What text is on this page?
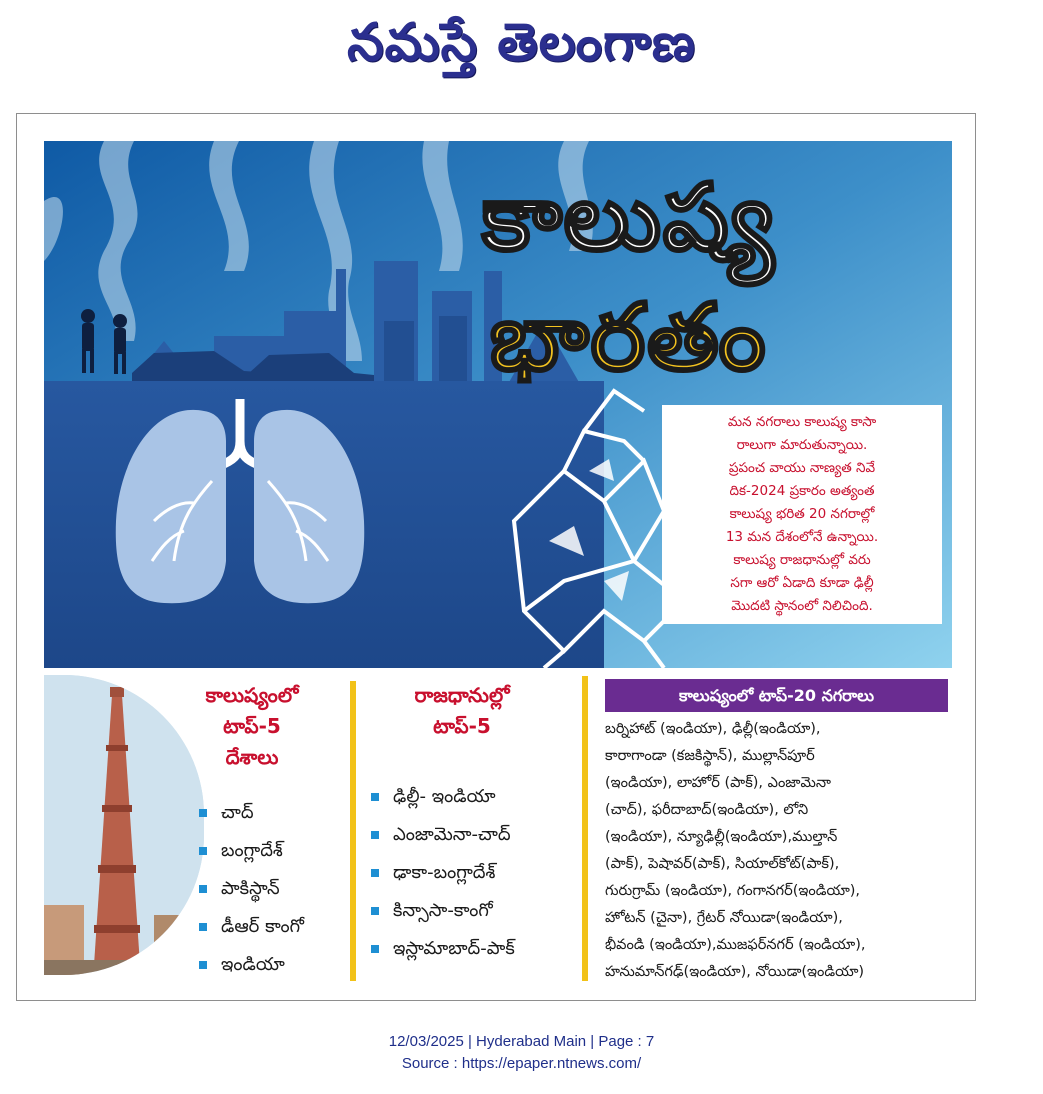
నమస్తే తెలంగాణ
కాలుష్య
భారతం
మన నగరాలు కాలుష్య కాసా
రాలుగా మారుతున్నాయి.
ప్రపంచ వాయు నాణ్యత నివే
దిక-2024 ప్రకారం అత్యంత
కాలుష్య భరిత 20 నగరాల్లో
13 మన దేశంలోనే ఉన్నాయి.
కాలుష్య రాజధానుల్లో వరు
సగా ఆరో ఏడాది కూడా ఢిల్లీ
మొదటి స్థానంలో నిలిచింది.
కాలుష్యంలో
టాప్-5
దేశాలు
చాద్
బంగ్లాదేశ్
పాకిస్థాన్
డీఆర్ కాంగో
ఇండియా
రాజధానుల్లో
టాప్-5
ఢిల్లీ- ఇండియా
ఎంజామెనా-చాద్
ఢాకా-బంగ్లాదేశ్
కిన్సాసా-కాంగో
ఇస్లామాబాద్-పాక్
కాలుష్యంలో టాప్-20 నగరాలు
బర్నిహాట్ (ఇండియా), ఢిల్లీ(ఇండియా),
కారాగాండా (కజకిస్థాన్), ముల్లాన్‌పూర్
(ఇండియా), లాహోర్ (పాక్), ఎంజామెనా
(చాద్), ఫరీదాబాద్(ఇండియా), లోని
(ఇండియా), న్యూఢిల్లీ(ఇండియా),ముల్తాన్
(పాక్), పెషావర్(పాక్), సియాల్‌కోట్(పాక్),
గురుగ్రామ్ (ఇండియా), గంగానగర్(ఇండియా),
హోటన్ (చైనా), గ్రేటర్ నోయిడా(ఇండియా),
భీవండి (ఇండియా),ముజఫర్‌నగర్ (ఇండియా),
హనుమాన్‌గఢ్(ఇండియా), నోయిడా(ఇండియా)
12/03/2025 | Hyderabad Main | Page : 7
Source : https://epaper.ntnews.com/
